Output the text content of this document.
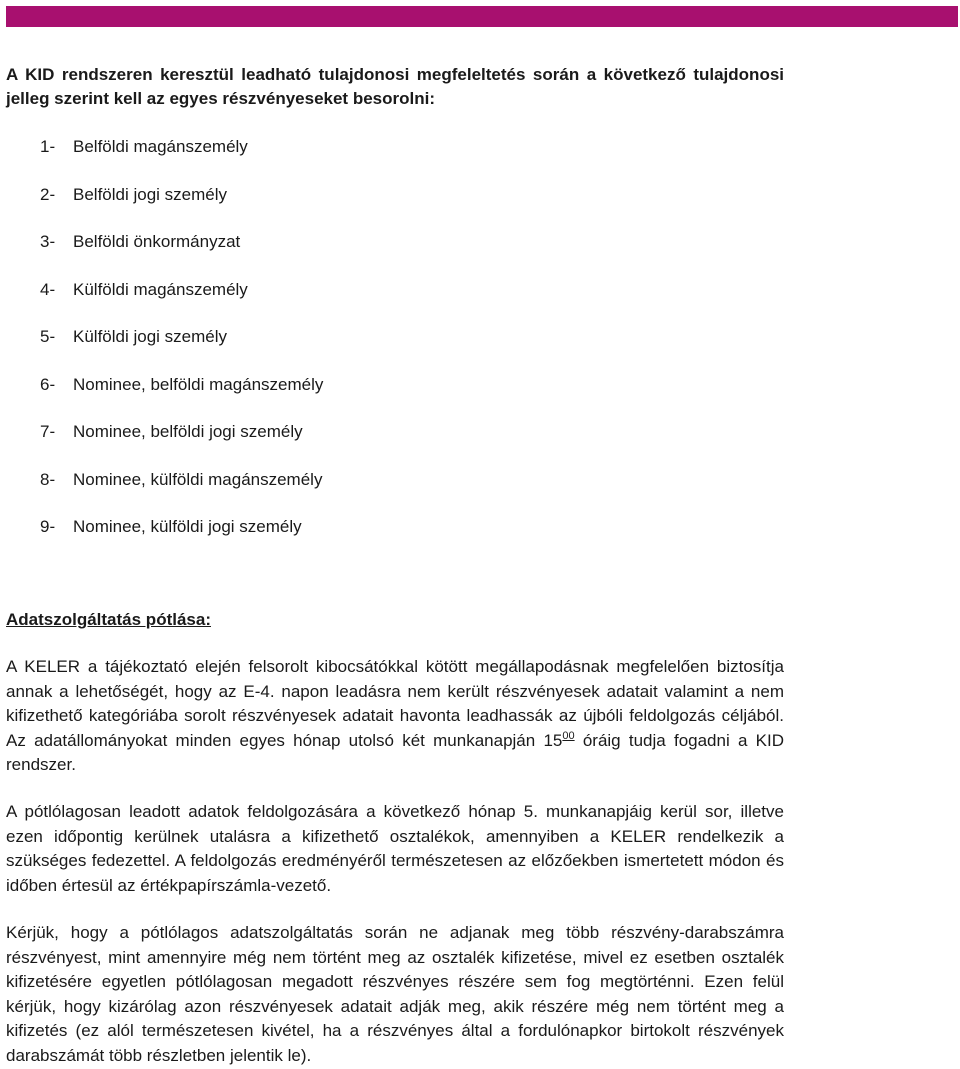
A KID rendszeren keresztül leadható tulajdonosi megfeleltetés során a következő tulajdonosi jelleg szerint kell az egyes részvényeseket besorolni:

1- Belföldi magánszemély
2- Belföldi jogi személy
3- Belföldi önkormányzat
4- Külföldi magánszemély
5- Külföldi jogi személy
6- Nominee, belföldi magánszemély
7- Nominee, belföldi jogi személy
8- Nominee, külföldi magánszemély
9- Nominee, külföldi jogi személy
Adatszolgáltatás pótlása:

A KELER a tájékoztató elején felsorolt kibocsátókkal kötött megállapodásnak megfelelően biztosítja annak a lehetőségét, hogy az E-4. napon leadásra nem került részvényesek adatait valamint a nem kifizethető kategóriába sorolt részvényesek adatait havonta leadhassák az újbóli feldolgozás céljából. Az adatállományokat minden egyes hónap utolsó két munkanapján $15^{00}$ óráig tudja fogadni a KID rendszer.

A pótlólagosan leadott adatok feldolgozására a következő hónap 5. munkanapjáig kerül sor, illetve ezen időpontig kerülnek utalásra a kifizethető osztalékok, amennyiben a KELER rendelkezik a szükséges fedezettel. A feldolgozás eredményéről természetesen az előzőekben ismertetett módon és időben értesül az értékpapírszámla-vezető.

Kérjük, hogy a pótlólagos adatszolgáltatás során ne adjanak meg több részvény-darabszámra részvényest, mint amennyire még nem történt meg az osztalék kifizetése, mivel ez esetben osztalék kifizetésére egyetlen pótlólagosan megadott részvényes részére sem fog megtörténni. Ezen felül kérjük, hogy kizárólag azon részvényesek adatait adják meg, akik részére még nem történt meg a kifizetés (ez alól természetesen kivétel, ha a részvényes által a fordulónapkor birtokolt részvények darabszámát több részletben jelentik le).
